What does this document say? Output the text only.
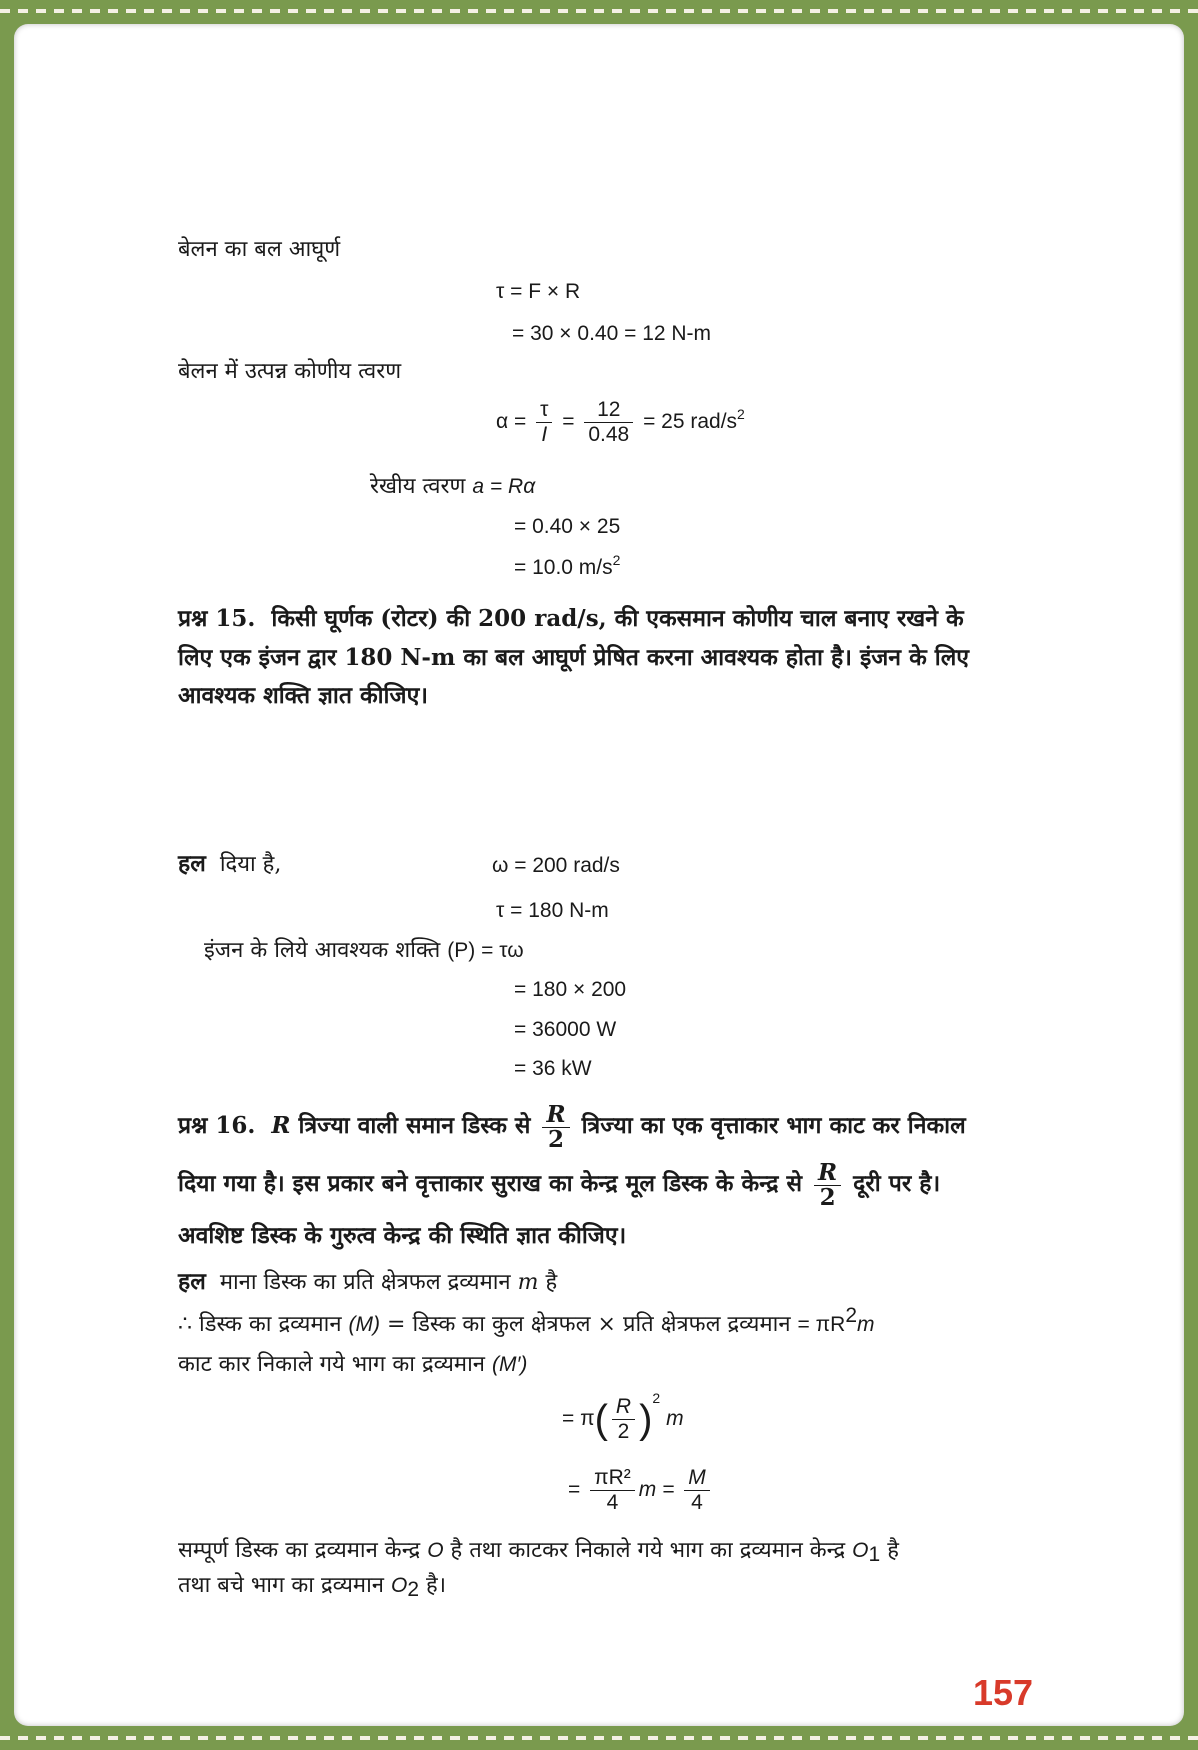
बेलन का बल आघूर्ण
τ = F × R
= 30 × 0.40 = 12 N-m
बेलन में उत्पन्न कोणीय त्वरण
$\alpha = \frac{\tau}{I} = \frac{12}{0.48} = 25$ rad/$s^2$
रेखीय त्वरण a = Rα
= 0.40 × 25
= 10.0 $m/s^2$
प्रश्न 15. किसी घूर्णक (रोटर) की 200 rad/s, की एकसमान कोणीय चाल बनाए रखने के
लिए एक इंजन द्वार 180 N-m का बल आघूर्ण प्रेषित करना आवश्यक होता है। इंजन के लिए
आवश्यक शक्ति ज्ञात कीजिए।
हल दिया है,	ω = 200 rad/s
τ = 180 N-m
इंजन के लिये आवश्यक शक्ति (P) = τω
= 180 × 200
= 36000 W
= 36 kW
प्रश्न 16. R त्रिज्या वाली समान डिस्क से $\frac{R}{2}$ त्रिज्या का एक वृत्ताकार भाग काट कर निकाल
दिया गया है। इस प्रकार बने वृत्ताकार सुराख का केन्द्र मूल डिस्क के केन्द्र से $\frac{R}{2}$ दूरी पर है।
अवशिष्ट डिस्क के गुरुत्व केन्द्र की स्थिति ज्ञात कीजिए।
हल माना डिस्क का प्रति क्षेत्रफल द्रव्यमान m है
∴ डिस्क का द्रव्यमान (M) = डिस्क का कुल क्षेत्रफल × प्रति क्षेत्रफल द्रव्यमान = $\pi R^2m$
काट कार निकाले गये भाग का द्रव्यमान (M′)
= $\pi( \frac{R}{2} )^2$ m
= $\frac{\text{πR²}}{4}$ $m = \frac{M}{4}$
सम्पूर्ण डिस्क का द्रव्यमान केन्द्र O है तथा काटकर निकाले गये भाग का द्रव्यमान केन्द्र $O_1$ है
तथा बचे भाग का द्रव्यमान $O_2$ है।
157
